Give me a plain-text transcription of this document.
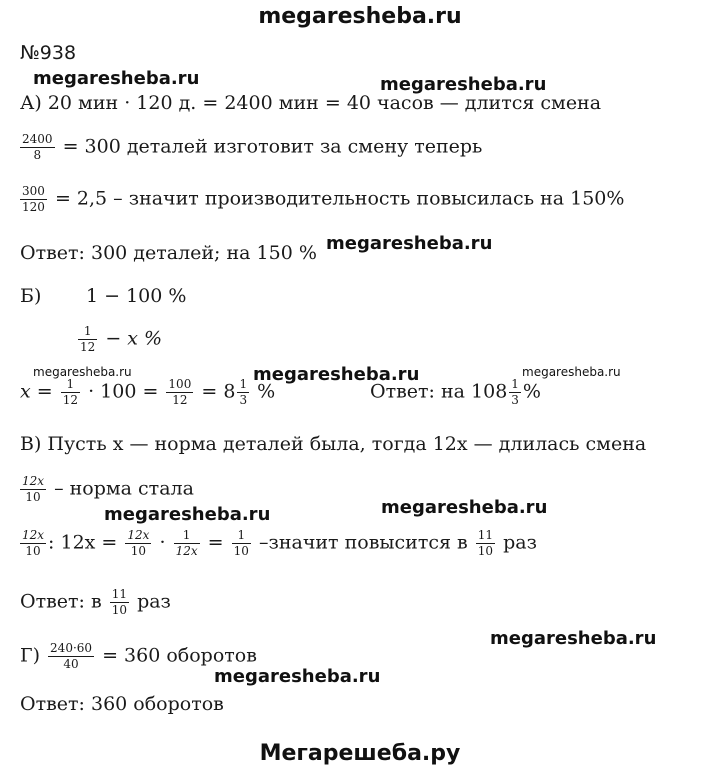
megaresheba.ru
megaresheba.ru	megaresheba.ru
megaresheba.ru
megaresheba.ru	megaresheba.ru	megaresheba.ru
megaresheba.ru
megaresheba.ru
megaresheba.ru
megaresheba.ru
№938
А) 20 мин · 120 д. = 2400 мин = 40 часов — длится смена
$\frac{2400}{8} = 300$ деталей изготовит за смену теперь
$\frac{300}{120} = 2,5$ – значит производительность повысилась на 150%
Ответ: 300 деталей; на 150 %
Б) 1 − 100 %
$\frac{1}{12} - x$ %
$x = \frac{1}{12} \cdot 100 = \frac{100}{12} = 8 \frac{1}{3}$ %	Ответ: на $108 \frac{1}{3}$ %
В) Пусть x — норма деталей была, тогда 12x — длилась смена
$\frac{12x}{10}$ – норма стала
$\frac{12x}{10}$ : $12x = \frac{12x}{10} \cdot \frac{1}{12x} = \frac{1}{10}$ –значит повысится в $\frac{11}{10}$ раз
Ответ: в $\frac{11}{10}$ раз
$Г) \frac{240\cdot 60}{40} = 360$ оборотов
Ответ: 360 оборотов
Мегарешеба.ру
